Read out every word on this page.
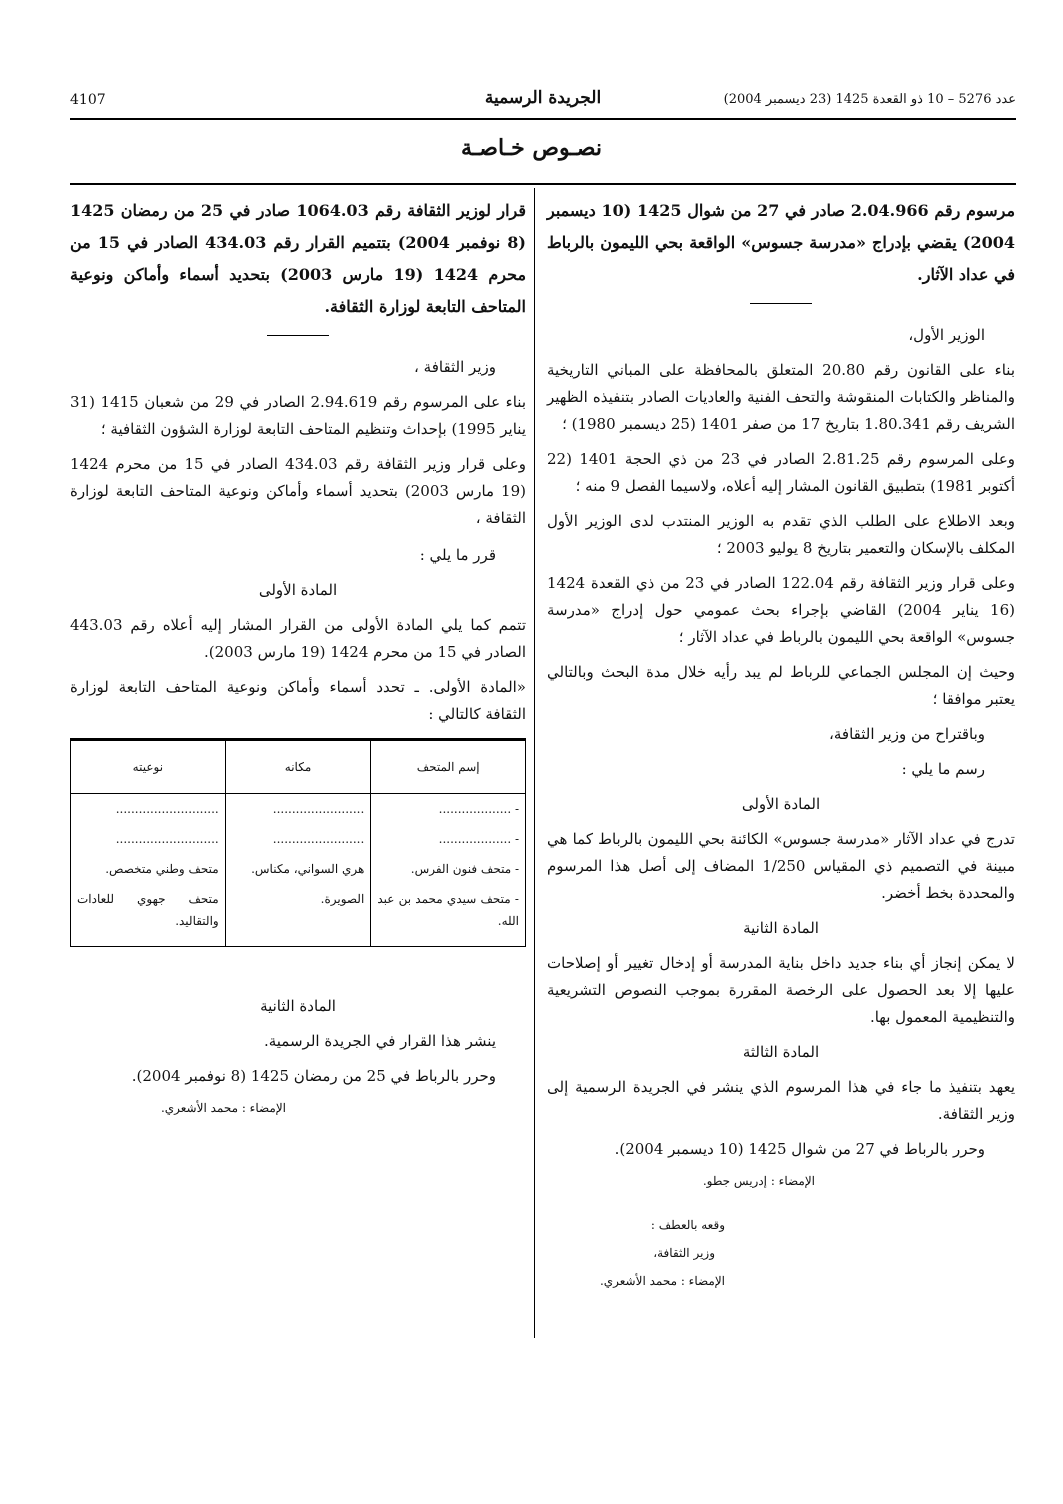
عدد 5276 – 10 ذو القعدة 1425 (23 ديسمبر 2004)
الجريدة الرسمية
4107
نصـوص خـاصـة

مرسوم رقم 2.04.966 صادر في 27 من شوال 1425 (10 ديسمبر 2004) يقضي بإدراج «مدرسة جسوس» الواقعة بحي الليمون بالرباط في عداد الآثار.

الوزير الأول،

بناء على القانون رقم 20.80 المتعلق بالمحافظة على المباني التاريخية والمناظر والكتابات المنقوشة والتحف الفنية والعاديات الصادر بتنفيذه الظهير الشريف رقم 1.80.341 بتاريخ 17 من صفر 1401 (25 ديسمبر 1980) ؛

وعلى المرسوم رقم 2.81.25 الصادر في 23 من ذي الحجة 1401 (22 أكتوبر 1981) بتطبيق القانون المشار إليه أعلاه، ولاسيما الفصل 9 منه ؛

وبعد الاطلاع على الطلب الذي تقدم به الوزير المنتدب لدى الوزير الأول المكلف بالإسكان والتعمير بتاريخ 8 يوليو 2003 ؛

وعلى قرار وزير الثقافة رقم 122.04 الصادر في 23 من ذي القعدة 1424 (16 يناير 2004) القاضي بإجراء بحث عمومي حول إدراج «مدرسة جسوس» الواقعة بحي الليمون بالرباط في عداد الآثار ؛

وحيث إن المجلس الجماعي للرباط لم يبد رأيه خلال مدة البحث وبالتالي يعتبر موافقا ؛

وباقتراح من وزير الثقافة،

رسم ما يلي :

المادة الأولى

تدرج في عداد الآثار «مدرسة جسوس» الكائنة بحي الليمون بالرباط كما هي مبينة في التصميم ذي المقياس 1/250 المضاف إلى أصل هذا المرسوم والمحددة بخط أخضر.

المادة الثانية

لا يمكن إنجاز أي بناء جديد داخل بناية المدرسة أو إدخال تغيير أو إصلاحات عليها إلا بعد الحصول على الرخصة المقررة بموجب النصوص التشريعية والتنظيمية المعمول بها.

المادة الثالثة

يعهد بتنفيذ ما جاء في هذا المرسوم الذي ينشر في الجريدة الرسمية إلى وزير الثقافة.

وحرر بالرباط في 27 من شوال 1425 (10 ديسمبر 2004).

الإمضاء : إدريس جطو.

وقعه بالعطف :

وزير الثقافة،

الإمضاء : محمد الأشعري.

قرار لوزير الثقافة رقم 1064.03 صادر في 25 من رمضان 1425 (8 نوفمبر 2004) بتتميم القرار رقم 434.03 الصادر في 15 من محرم 1424 (19 مارس 2003) بتحديد أسماء وأماكن ونوعية المتاحف التابعة لوزارة الثقافة.

وزير الثقافة ،

بناء على المرسوم رقم 2.94.619 الصادر في 29 من شعبان 1415 (31 يناير 1995) بإحداث وتنظيم المتاحف التابعة لوزارة الشؤون الثقافية ؛

وعلى قرار وزير الثقافة رقم 434.03 الصادر في 15 من محرم 1424 (19 مارس 2003) بتحديد أسماء وأماكن ونوعية المتاحف التابعة لوزارة الثقافة ،

قرر ما يلي :

المادة الأولى

تتمم كما يلي المادة الأولى من القرار المشار إليه أعلاه رقم 443.03 الصادر في 15 من محرم 1424 (19 مارس 2003).

«المادة الأولى. ـ تحدد أسماء وأماكن ونوعية المتاحف التابعة لوزارة الثقافة كالتالي :

إسم المتحف	مكانه	نوعيته
- ...................	........................	...........................
- ...................	........................	...........................
- متحف فنون الفرس.	هري السواني، مكناس.	متحف وطني متخصص.
- متحف سيدي محمد بن عبد الله.	الصويرة.	متحف جهوي للعادات والتقاليد.

المادة الثانية

ينشر هذا القرار في الجريدة الرسمية.

وحرر بالرباط في 25 من رمضان 1425 (8 نوفمبر 2004).

الإمضاء : محمد الأشعري.
